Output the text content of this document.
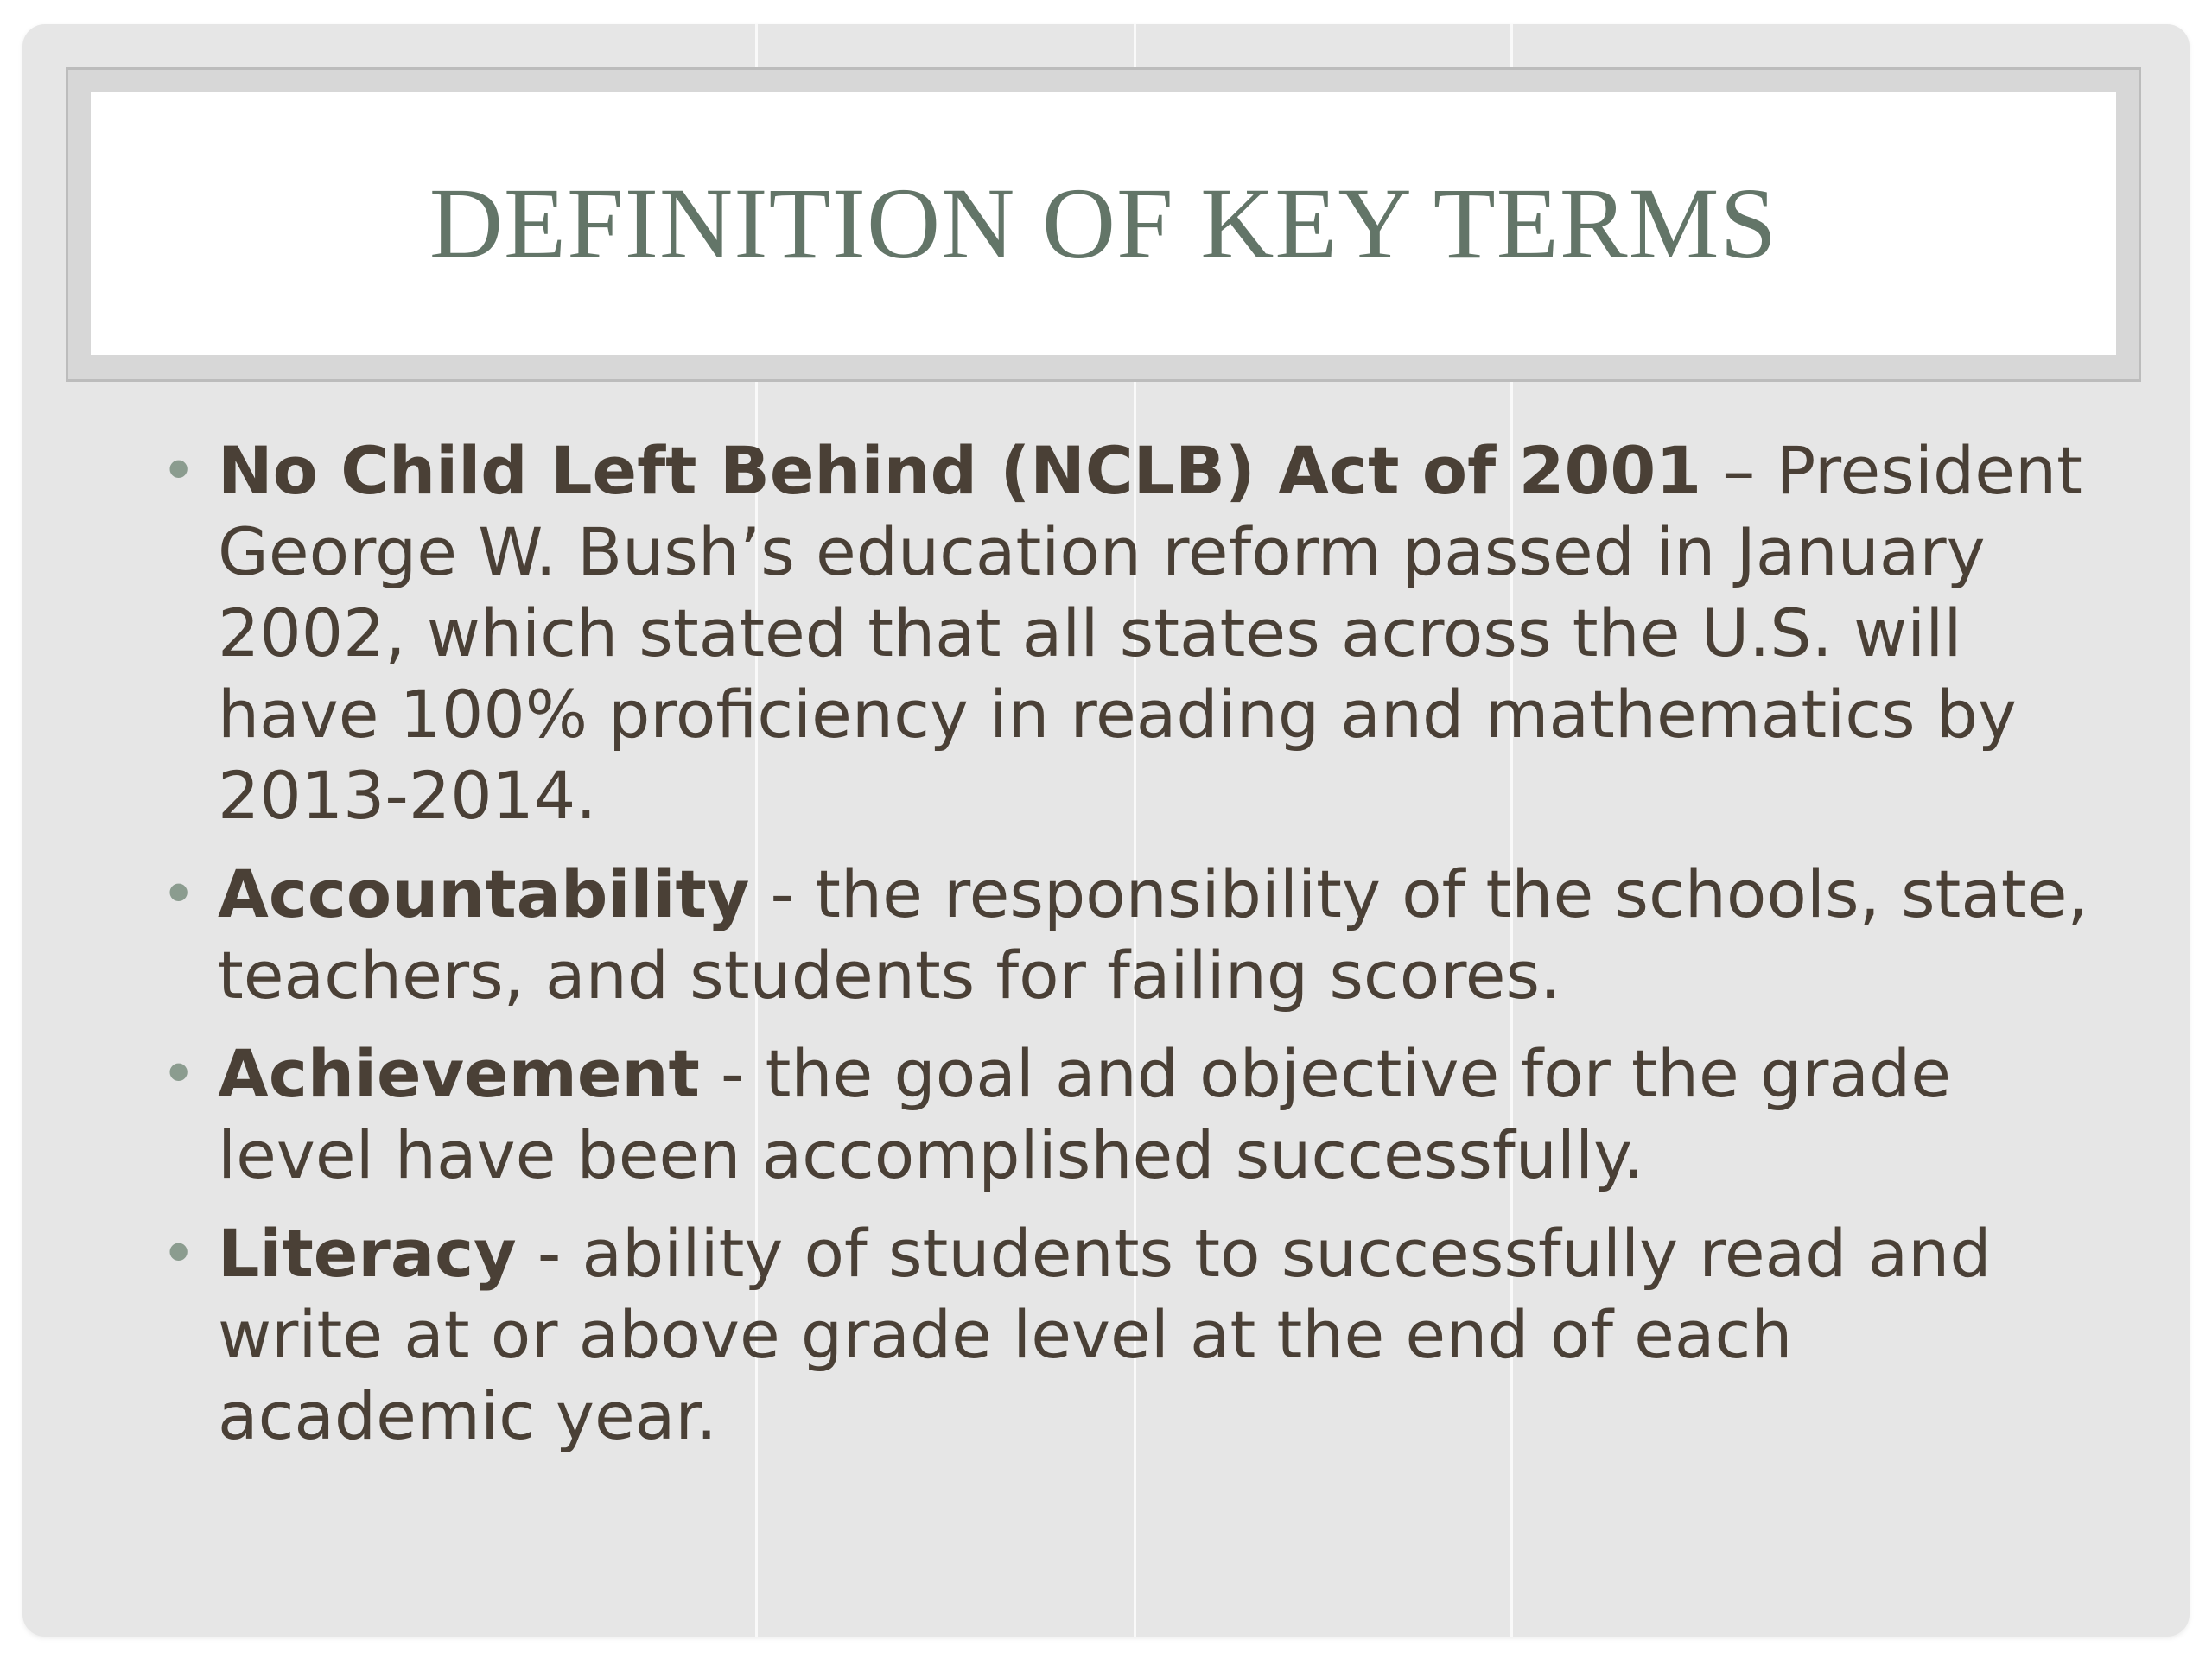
DEFINITION OF KEY TERMS
• No Child Left Behind (NCLB) Act of 2001 – President George W. Bush’s education reform passed in January 2002, which stated that all states across the U.S. will have 100% proficiency in reading and mathematics by 2013-2014.
• Accountability - the responsibility of the schools, state, teachers, and students for failing scores.
• Achievement - the goal and objective for the grade level have been accomplished successfully.
• Literacy - ability of students to successfully read and write at or above grade level at the end of each academic year.
